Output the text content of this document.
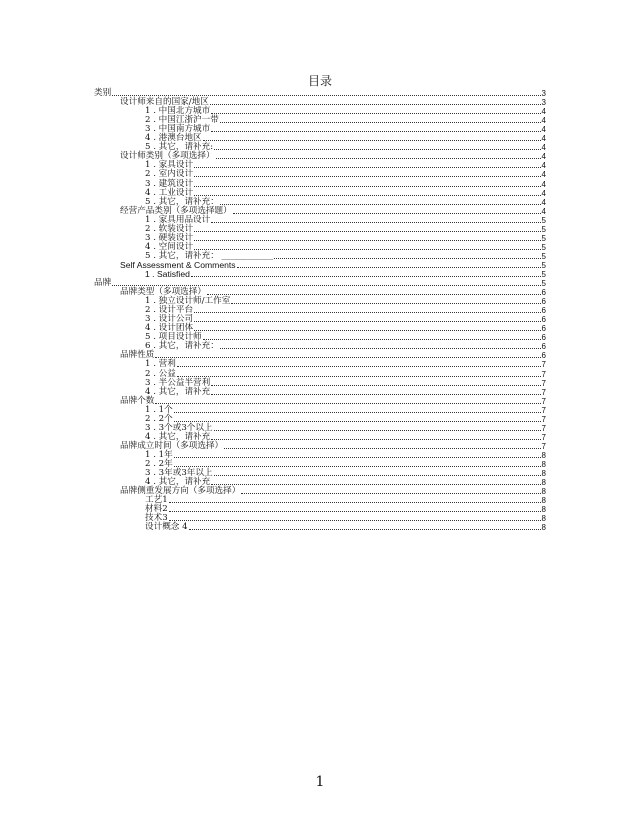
目录
类别	3
设计师来自的国家/地区	3
1 . 中国北方城市	4
2 . 中国江浙沪一带	4
3 . 中国南方城市	4
4 . 港澳台地区	4
5 . 其它，请补充:	4
设计师类别（多项选择）	4
1 . 家具设计	4
2 . 室内设计	4
3 . 建筑设计	4
4 . 工业设计	4
5 . 其它，请补充：	4
经营产品类别（多项选择题）	4
1 . 家具用品设计	5
2 . 软装设计	5
3 . 硬装设计	5
4 . 空间设计	5
5 . 其它，请补充： ____________	5
Self Assessment & Comments	5
1 . Satisfied	5
品牌	5
品牌类型（多项选择）	6
1 . 独立设计师/工作室	6
2 . 设计平台	6
3 . 设计公司	6
4 . 设计团体	6
5 . 项目设计师	6
6 . 其它，请补充：	6
品牌性质	6
1 . 营利	7
2 . 公益	7
3 . 半公益半营利	7
4 . 其它，请补充	7
品牌个数	7
1 . 1个	7
2 . 2个	7
3 . 3个或3个以上	7
4 . 其它，请补充	7
品牌成立时间（多项选择）	7
1 . 1年	8
2 . 2年	8
3 . 3年或3年以上	8
4 . 其它，请补充	8
品牌侧重发展方向（多项选择）	8
工艺1	8
材料2	8
技术3	8
设计概念 4	8
1
